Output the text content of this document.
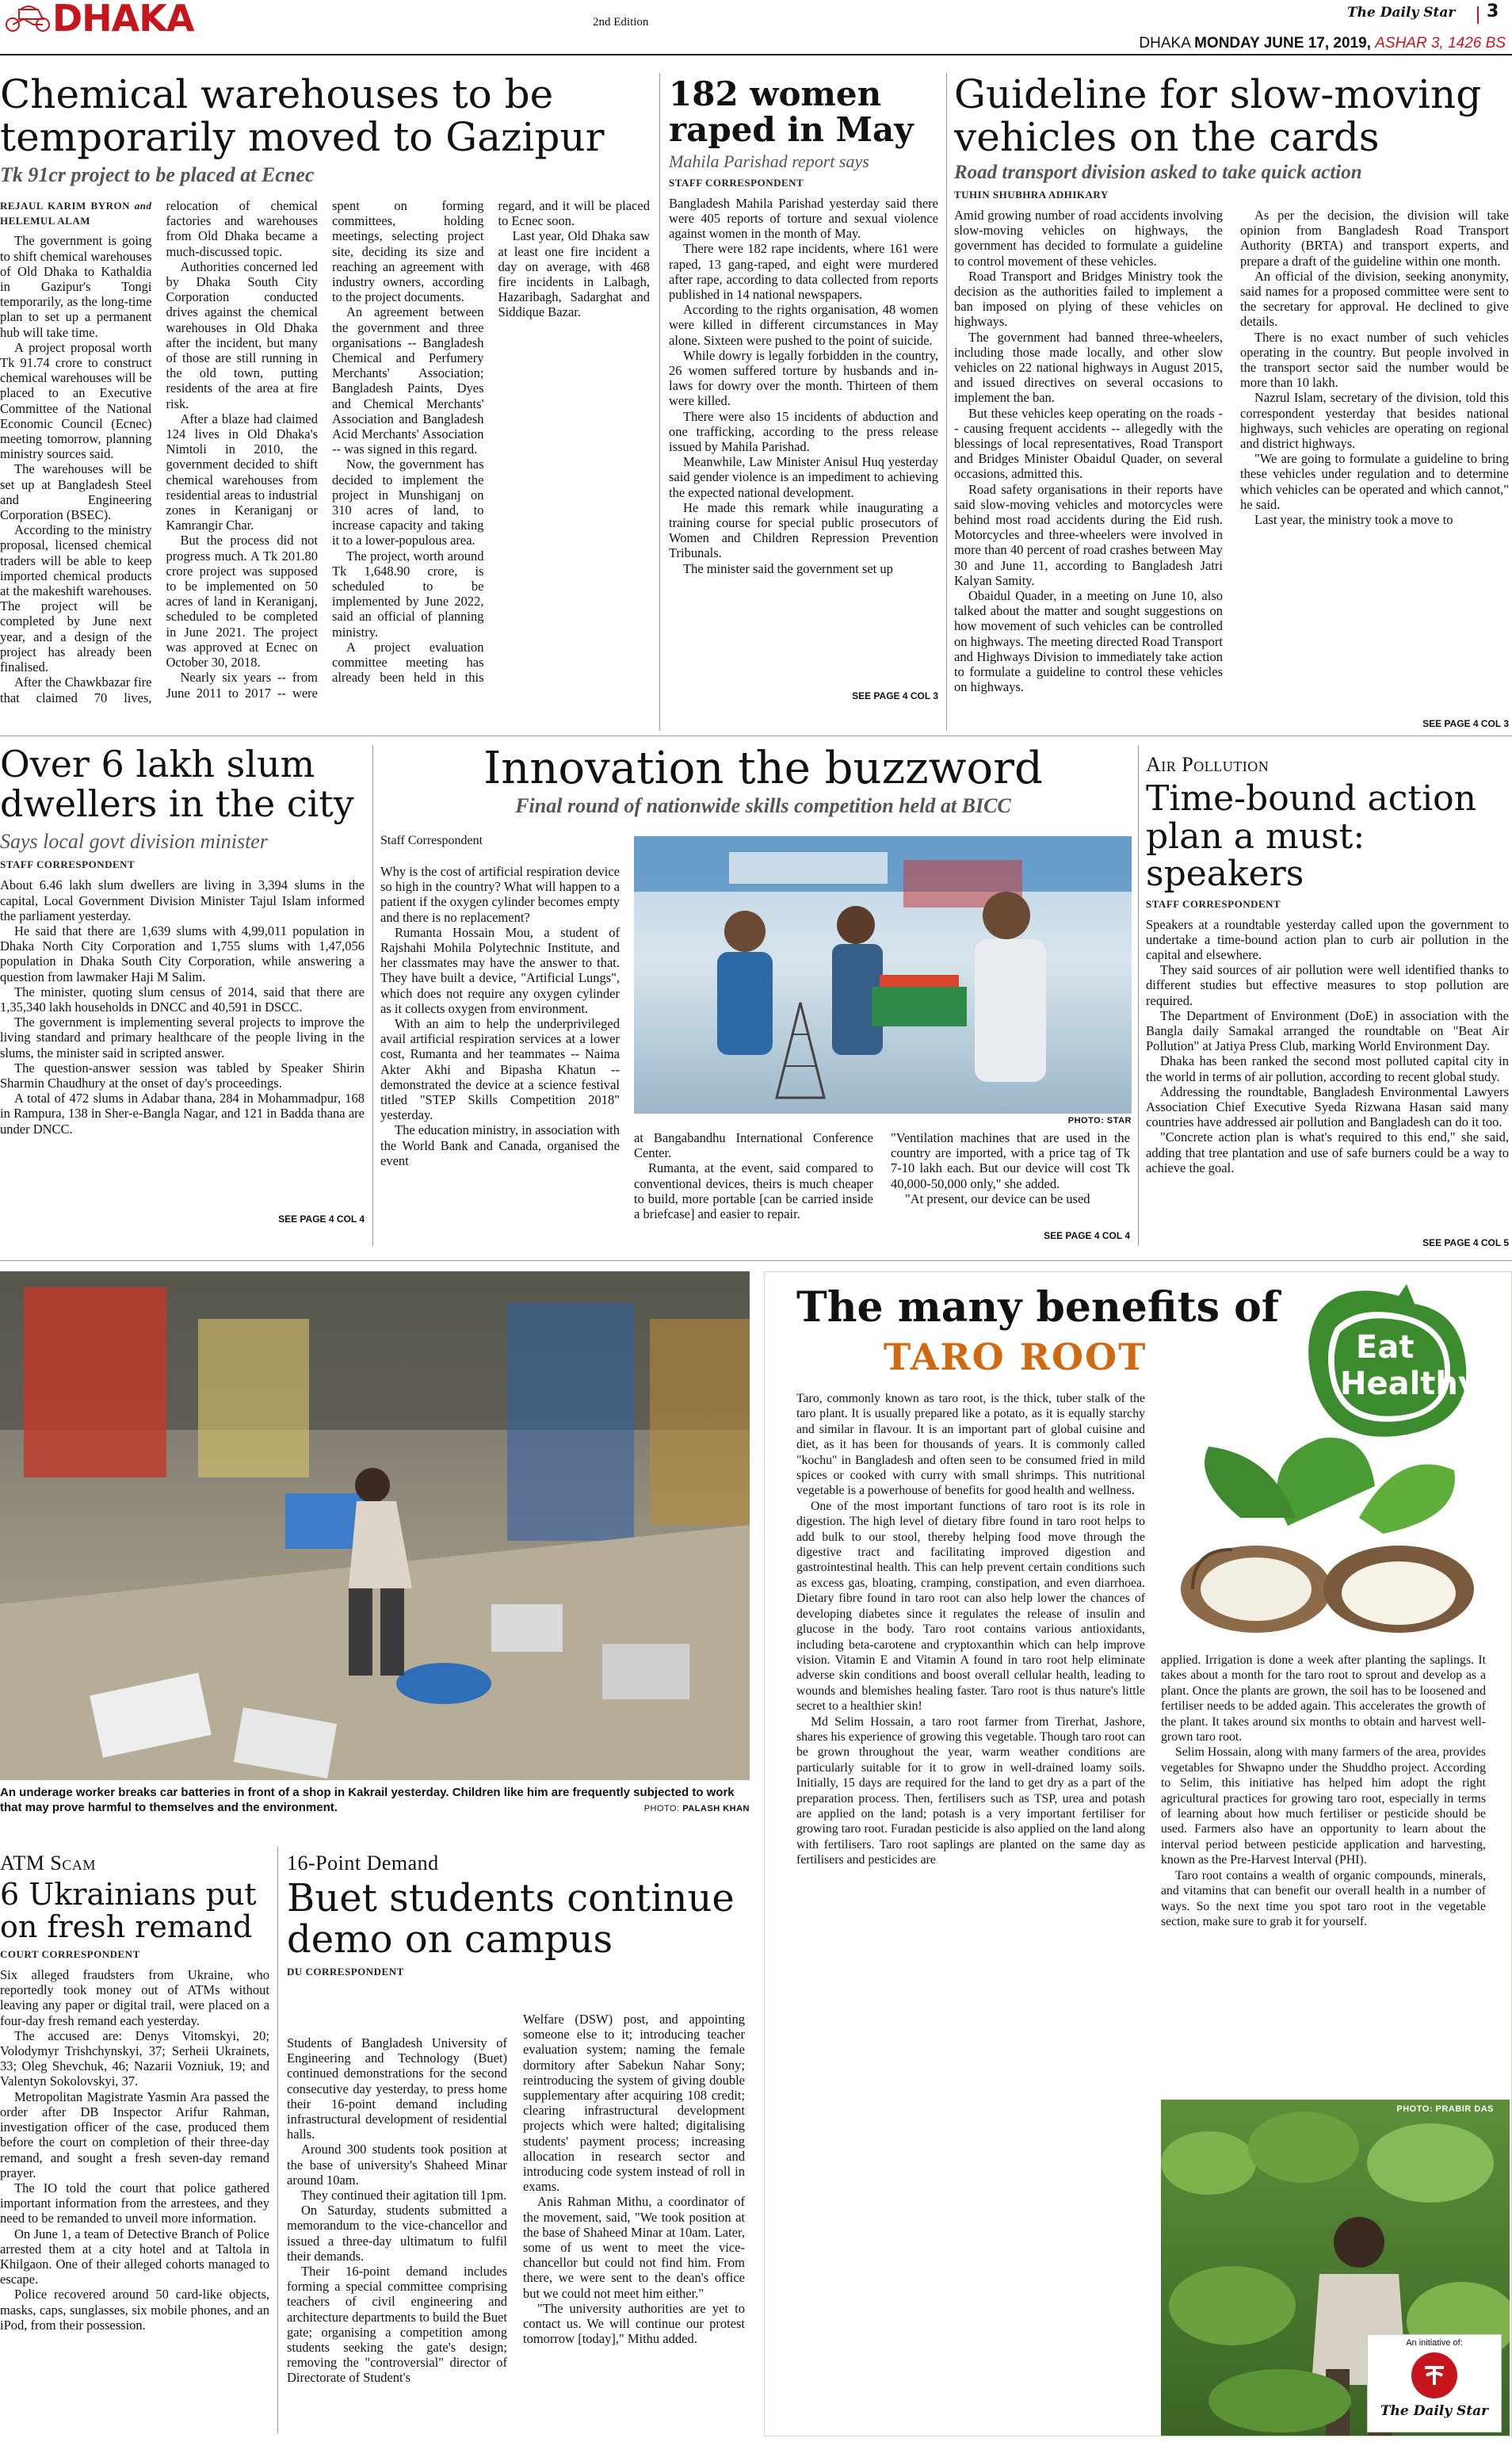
DHAKA	2nd Edition
The Daily Star 3
DHAKA MONDAY JUNE 17, 2019, ASHAR 3, 1426 BS
Chemical warehouses to be temporarily moved to Gazipur
Tk 91cr project to be placed at Ecnec
REJAUL KARIM BYRON and HELEMUL ALAM

The government is going to shift chemical warehouses of Old Dhaka to Kathaldia in Gazipur's Tongi temporarily, as the long-time plan to set up a permanent hub will take time.

A project proposal worth Tk 91.74 crore to construct chemical warehouses will be placed to an Executive Committee of the National Economic Council (Ecnec) meeting tomorrow, planning ministry sources said.

The warehouses will be set up at Bangladesh Steel and Engineering Corporation (BSEC).

According to the ministry proposal, licensed chemical traders will be able to keep imported chemical products at the makeshift warehouses. The project will be completed by June next year, and a design of the project has already been finalised.

After the Chawkbazar fire that claimed 70 lives, relocation of chemical factories and warehouses from Old Dhaka became a much-discussed topic.

Authorities concerned led by Dhaka South City Corporation conducted drives against the chemical warehouses in Old Dhaka after the incident, but many of those are still running in the old town, putting residents of the area at fire risk.

After a blaze had claimed 124 lives in Old Dhaka's Nimtoli in 2010, the government decided to shift chemical warehouses from residential areas to industrial zones in Keraniganj or Kamrangir Char.

But the process did not progress much. A Tk 201.80 crore project was supposed to be implemented on 50 acres of land in Keraniganj, scheduled to be completed in June 2021. The project was approved at Ecnec on October 30, 2018.

Nearly six years -- from June 2011 to 2017 -- were spent on forming committees, holding meetings, selecting project site, deciding its size and reaching an agreement with industry owners, according to the project documents.

An agreement between the government and three organisations -- Bangladesh Chemical and Perfumery Merchants' Association; Bangladesh Paints, Dyes and Chemical Merchants' Association and Bangladesh Acid Merchants' Association -- was signed in this regard.

Now, the government has decided to implement the project in Munshiganj on 310 acres of land, to increase capacity and taking it to a lower-populous area.

The project, worth around Tk 1,648.90 crore, is scheduled to be implemented by June 2022, said an official of planning ministry.

A project evaluation committee meeting has already been held in this regard, and it will be placed to Ecnec soon.

Last year, Old Dhaka saw at least one fire incident a day on average, with 468 fire incidents in Lalbagh, Hazaribagh, Sadarghat and Siddique Bazar.

182 women raped in May
Mahila Parishad report says
STAFF CORRESPONDENT

Bangladesh Mahila Parishad yesterday said there were 405 reports of torture and sexual violence against women in the month of May.

There were 182 rape incidents, where 161 were raped, 13 gang-raped, and eight were murdered after rape, according to data collected from reports published in 14 national newspapers.

According to the rights organisation, 48 women were killed in different circumstances in May alone. Sixteen were pushed to the point of suicide.

While dowry is legally forbidden in the country, 26 women suffered torture by husbands and in-laws for dowry over the month. Thirteen of them were killed.

There were also 15 incidents of abduction and one trafficking, according to the press release issued by Mahila Parishad.

Meanwhile, Law Minister Anisul Huq yesterday said gender violence is an impediment to achieving the expected national development.

He made this remark while inaugurating a training course for special public prosecutors of Women and Children Repression Prevention Tribunals.

The minister said the government set up

SEE PAGE 4 COL 3
Guideline for slow-moving vehicles on the cards
Road transport division asked to take quick action
TUHIN SHUBHRA ADHIKARY

Amid growing number of road accidents involving slow-moving vehicles on highways, the government has decided to formulate a guideline to control movement of these vehicles.

Road Transport and Bridges Ministry took the decision as the authorities failed to implement a ban imposed on plying of these vehicles on highways.

The government had banned three-wheelers, including those made locally, and other slow vehicles on 22 national highways in August 2015, and issued directives on several occasions to implement the ban.

But these vehicles keep operating on the roads -- causing frequent accidents -- allegedly with the blessings of local representatives, Road Transport and Bridges Minister Obaidul Quader, on several occasions, admitted this.

Road safety organisations in their reports have said slow-moving vehicles and motorcycles were behind most road accidents during the Eid rush. Motorcycles and three-wheelers were involved in more than 40 percent of road crashes between May 30 and June 11, according to Bangladesh Jatri Kalyan Samity.

Obaidul Quader, in a meeting on June 10, also talked about the matter and sought suggestions on how movement of such vehicles can be controlled on highways. The meeting directed Road Transport and Highways Division to immediately take action to formulate a guideline to control these vehicles on highways.

As per the decision, the division will take opinion from Bangladesh Road Transport Authority (BRTA) and transport experts, and prepare a draft of the guideline within one month.

An official of the division, seeking anonymity, said names for a proposed committee were sent to the secretary for approval. He declined to give details.

There is no exact number of such vehicles operating in the country. But people involved in the transport sector said the number would be more than 10 lakh.

Nazrul Islam, secretary of the division, told this correspondent yesterday that besides national highways, such vehicles are operating on regional and district highways.

"We are going to formulate a guideline to bring these vehicles under regulation and to determine which vehicles can be operated and which cannot," he said.

Last year, the ministry took a move to

SEE PAGE 4 COL 3
Over 6 lakh slum dwellers in the city
Says local govt division minister
STAFF CORRESPONDENT

About 6.46 lakh slum dwellers are living in 3,394 slums in the capital, Local Government Division Minister Tajul Islam informed the parliament yesterday.

He said that there are 1,639 slums with 4,99,011 population in Dhaka North City Corporation and 1,755 slums with 1,47,056 population in Dhaka South City Corporation, while answering a question from lawmaker Haji M Salim.

The minister, quoting slum census of 2014, said that there are 1,35,340 lakh households in DNCC and 40,591 in DSCC.

The government is implementing several projects to improve the living standard and primary healthcare of the people living in the slums, the minister said in scripted answer.

The question-answer session was tabled by Speaker Shirin Sharmin Chaudhury at the onset of day's proceedings.

A total of 472 slums in Adabar thana, 284 in Mohammadpur, 168 in Rampura, 138 in Sher-e-Bangla Nagar, and 121 in Badda thana are under DNCC.

SEE PAGE 4 COL 4
Innovation the buzzword
Final round of nationwide skills competition held at BICC
Staff Correspondent

Why is the cost of artificial respiration device so high in the country? What will happen to a patient if the oxygen cylinder becomes empty and there is no replacement?

Rumanta Hossain Mou, a student of Rajshahi Mohila Polytechnic Institute, and her classmates may have the answer to that. They have built a device, "Artificial Lungs", which does not require any oxygen cylinder as it collects oxygen from environment.

With an aim to help the underprivileged avail artificial respiration services at a lower cost, Rumanta and her teammates -- Naima Akter Akhi and Bipasha Khatun -- demonstrated the device at a science festival titled "STEP Skills Competition 2018" yesterday.

The education ministry, in association with the World Bank and Canada, organised the event

PHOTO: STAR

at Bangabandhu International Conference Center.

Rumanta, at the event, said compared to conventional devices, theirs is much cheaper to build, more portable [can be carried inside a briefcase] and easier to repair.

"Ventilation machines that are used in the country are imported, with a price tag of Tk 7-10 lakh each. But our device will cost Tk 40,000-50,000 only," she added.

"At present, our device can be used

SEE PAGE 4 COL 4
Air Pollution
Time-bound action plan a must: speakers
STAFF CORRESPONDENT

Speakers at a roundtable yesterday called upon the government to undertake a time-bound action plan to curb air pollution in the capital and elsewhere.

They said sources of air pollution were well identified thanks to different studies but effective measures to stop pollution are required.

The Department of Environment (DoE) in association with the Bangla daily Samakal arranged the roundtable on "Beat Air Pollution" at Jatiya Press Club, marking World Environment Day.

Dhaka has been ranked the second most polluted capital city in the world in terms of air pollution, according to recent global study.

Addressing the roundtable, Bangladesh Environmental Lawyers Association Chief Executive Syeda Rizwana Hasan said many countries have addressed air pollution and Bangladesh can do it too.

"Concrete action plan is what's required to this end," she said, adding that tree plantation and use of safe burners could be a way to achieve the goal.

SEE PAGE 4 COL 5
An underage worker breaks car batteries in front of a shop in Kakrail yesterday. Children like him are frequently subjected to work that may prove harmful to themselves and the environment.	PHOTO: PALASH KHAN
ATM Scam
6 Ukrainians put on fresh remand
COURT CORRESPONDENT

Six alleged fraudsters from Ukraine, who reportedly took money out of ATMs without leaving any paper or digital trail, were placed on a four-day fresh remand each yesterday.

The accused are: Denys Vitomskyi, 20; Volodymyr Trishchynskyi, 37; Serheii Ukrainets, 33; Oleg Shevchuk, 46; Nazarii Vozniuk, 19; and Valentyn Sokolovskyi, 37.

Metropolitan Magistrate Yasmin Ara passed the order after DB Inspector Arifur Rahman, investigation officer of the case, produced them before the court on completion of their three-day remand, and sought a fresh seven-day remand prayer.

The IO told the court that police gathered important information from the arrestees, and they need to be remanded to unveil more information.

On June 1, a team of Detective Branch of Police arrested them at a city hotel and at Taltola in Khilgaon. One of their alleged cohorts managed to escape.

Police recovered around 50 card-like objects, masks, caps, sunglasses, six mobile phones, and an iPod, from their possession.

16-Point Demand
Buet students continue demo on campus
DU CORRESPONDENT

Students of Bangladesh University of Engineering and Technology (Buet) continued demonstrations for the second consecutive day yesterday, to press home their 16-point demand including infrastructural development of residential halls.

Around 300 students took position at the base of university's Shaheed Minar around 10am.

They continued their agitation till 1pm.

On Saturday, students submitted a memorandum to the vice-chancellor and issued a three-day ultimatum to fulfil their demands.

Their 16-point demand includes forming a special committee comprising teachers of civil engineering and architecture departments to build the Buet gate; organising a competition among students seeking the gate's design; removing the "controversial" director of Directorate of Student's

Welfare (DSW) post, and appointing someone else to it; introducing teacher evaluation system; naming the female dormitory after Sabekun Nahar Sony; reintroducing the system of giving double supplementary after acquiring 108 credit; clearing infrastructural development projects which were halted; digitalising students' payment process; increasing allocation in research sector and introducing code system instead of roll in exams.

Anis Rahman Mithu, a coordinator of the movement, said, "We took position at the base of Shaheed Minar at 10am. Later, some of us went to meet the vice-chancellor but could not find him. From there, we were sent to the dean's office but we could not meet him either."

"The university authorities are yet to contact us. We will continue our protest tomorrow [today]," Mithu added.

The many benefits of
TARO ROOT	Eat
Healthy

Taro, commonly known as taro root, is the thick, tuber stalk of the taro plant. It is usually prepared like a potato, as it is equally starchy and similar in flavour. It is an important part of global cuisine and diet, as it has been for thousands of years. It is commonly called "kochu" in Bangladesh and often seen to be consumed fried in mild spices or cooked with curry with small shrimps. This nutritional vegetable is a powerhouse of benefits for good health and wellness.

One of the most important functions of taro root is its role in digestion. The high level of dietary fibre found in taro root helps to add bulk to our stool, thereby helping food move through the digestive tract and facilitating improved digestion and gastrointestinal health. This can help prevent certain conditions such as excess gas, bloating, cramping, constipation, and even diarrhoea. Dietary fibre found in taro root can also help lower the chances of developing diabetes since it regulates the release of insulin and glucose in the body. Taro root contains various antioxidants, including beta-carotene and cryptoxanthin which can help improve vision. Vitamin E and Vitamin A found in taro root help eliminate adverse skin conditions and boost overall cellular health, leading to wounds and blemishes healing faster. Taro root is thus nature's little secret to a healthier skin!

Md Selim Hossain, a taro root farmer from Tirerhat, Jashore, shares his experience of growing this vegetable. Though taro root can be grown throughout the year, warm weather conditions are particularly suitable for it to grow in well-drained loamy soils. Initially, 15 days are required for the land to get dry as a part of the preparation process. Then, fertilisers such as TSP, urea and potash are applied on the land; potash is a very important fertiliser for growing taro root. Furadan pesticide is also applied on the land along with fertilisers. Taro root saplings are planted on the same day as fertilisers and pesticides are

applied. Irrigation is done a week after planting the saplings. It takes about a month for the taro root to sprout and develop as a plant. Once the plants are grown, the soil has to be loosened and fertiliser needs to be added again. This accelerates the growth of the plant. It takes around six months to obtain and harvest well-grown taro root.

Selim Hossain, along with many farmers of the area, provides vegetables for Shwapno under the Shuddho project. According to Selim, this initiative has helped him adopt the right agricultural practices for growing taro root, especially in terms of learning about how much fertiliser or pesticide should be used. Farmers also have an opportunity to learn about the interval period between pesticide application and harvesting, known as the Pre-Harvest Interval (PHI).

Taro root contains a wealth of organic compounds, minerals, and vitamins that can benefit our overall health in a number of ways. So the next time you spot taro root in the vegetable section, make sure to grab it for yourself.

PHOTO: PRABIR DAS
An initiative of:
The Daily Star
